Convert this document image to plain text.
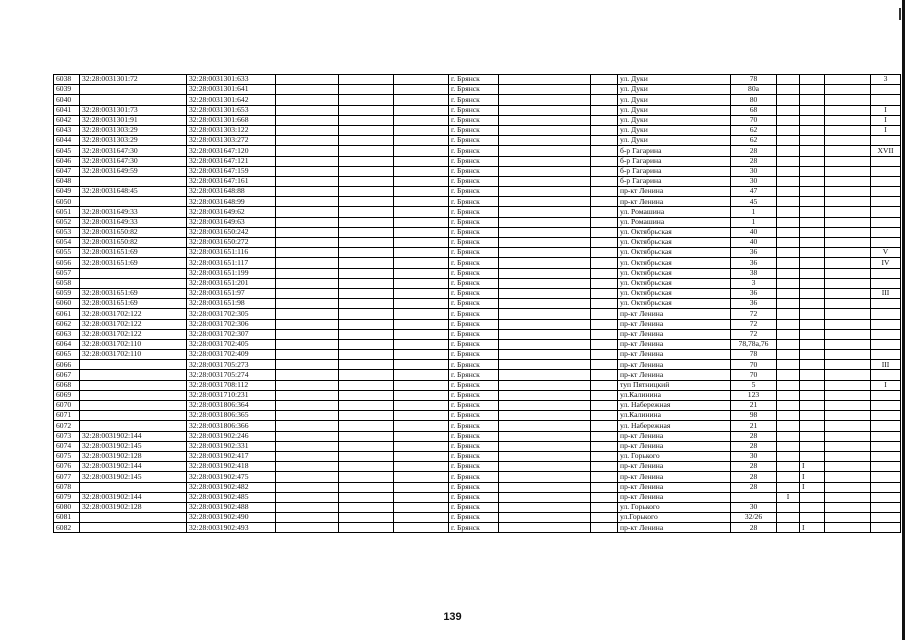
6038	32:28:0031301:72	32:28:0031301:633				г. Брянск			ул. Дуки	78				3
6039		32:28:0031301:641				г. Брянск			ул. Дуки	80а				
6040		32:28:0031301:642				г. Брянск			ул. Дуки	80				
6041	32:28:0031301:73	32:28:0031301:653				г. Брянск			ул. Дуки	68				I
6042	32:28:0031301:91	32:28:0031301:668				г. Брянск			ул. Дуки	70				I
6043	32:28:0031303:29	32:28:0031303:122				г. Брянск			ул. Дуки	62				I
6044	32:28:0031303:29	32:28:0031303:272				г. Брянск			ул. Дуки	62				
6045	32:28:0031647:30	32:28:0031647:120				г. Брянск			б-р Гагарина	28				XVII
6046	32:28:0031647:30	32:28:0031647:121				г. Брянск			б-р Гагарина	28				
6047	32:28:0031649:59	32:28:0031647:159				г. Брянск			б-р Гагарина	30				
6048		32:28:0031647:161				г. Брянск			б-р Гагарина	30				
6049	32:28:0031648:45	32:28:0031648:88				г. Брянск			пр-кт Ленина	47				
6050		32:28:0031648:99				г. Брянск			пр-кт Ленина	45				
6051	32:28:0031649:33	32:28:0031649:62				г. Брянск			ул. Ромашина	1				
6052	32:28:0031649:33	32:28:0031649:63				г. Брянск			ул. Ромашина	1				
6053	32:28:0031650:82	32:28:0031650:242				г. Брянск			ул. Октябрьская	40				
6054	32:28:0031650:82	32:28:0031650:272				г. Брянск			ул. Октябрьская	40				
6055	32:28:0031651:69	32:28:0031651:116				г. Брянск			ул. Октябрьская	36				V
6056	32:28:0031651:69	32:28:0031651:117				г. Брянск			ул. Октябрьская	36				IV
6057		32:28:0031651:199				г. Брянск			ул. Октябрьская	38				
6058		32:28:0031651:201				г. Брянск			ул. Октябрьская	3				
6059	32:28:0031651:69	32:28:0031651:97				г. Брянск			ул. Октябрьская	36				III
6060	32:28:0031651:69	32:28:0031651:98				г. Брянск			ул. Октябрьская	36				
6061	32:28:0031702:122	32:28:0031702:305				г. Брянск			пр-кт Ленина	72				
6062	32:28:0031702:122	32:28:0031702:306				г. Брянск			пр-кт Ленина	72				
6063	32:28:0031702:122	32:28:0031702:307				г. Брянск			пр-кт Ленина	72				
6064	32:28:0031702:110	32:28:0031702:405				г. Брянск			пр-кт Ленина	78,78а,76				
6065	32:28:0031702:110	32:28:0031702:409				г. Брянск			пр-кт Ленина	78				
6066		32:28:0031705:273				г. Брянск			пр-кт Ленина	70				III
6067		32:28:0031705:274				г. Брянск			пр-кт Ленина	70				
6068		32:28:0031708:112				г. Брянск			туп Пятницкий	5				I
6069		32:28:0031710:231				г. Брянск			ул.Калинина	123				
6070		32:28:0031806:364				г. Брянск			ул. Набережная	21				
6071		32:28:0031806:365				г. Брянск			ул.Калинина	98				
6072		32:28:0031806:366				г. Брянск			ул. Набережная	21				
6073	32:28:0031902:144	32:28:0031902:246				г. Брянск			пр-кт Ленина	28				
6074	32:28:0031902:145	32:28:0031902:331				г. Брянск			пр-кт Ленина	28				
6075	32:28:0031902:128	32:28:0031902:417				г. Брянск			ул. Горького	30				
6076	32:28:0031902:144	32:28:0031902:418				г. Брянск			пр-кт Ленина	28		I		
6077	32:28:0031902:145	32:28:0031902:475				г. Брянск			пр-кт Ленина	28		I		
6078		32:28:0031902:482				г. Брянск			пр-кт Ленина	28		I		
6079	32:28:0031902:144	32:28:0031902:485				г. Брянск			пр-кт Ленина		I			
6080	32:28:0031902:128	32:28:0031902:488				г. Брянск			ул. Горького	30				
6081		32:28:0031902:490				г. Брянск			ул.Горького	32/26				
6082		32:28:0031902:493				г. Брянск			пр-кт Ленина	28		I		
139
